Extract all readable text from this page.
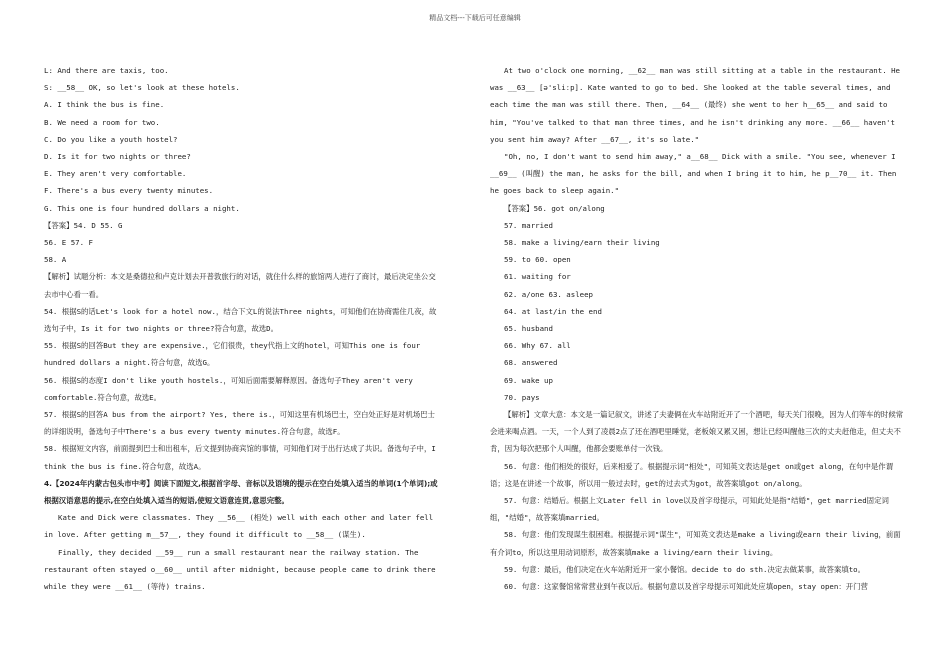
精品文档---下载后可任意编辑

L: And there are taxis, too.

S: __58__ OK, so let's look at these hotels.

A. I think the bus is fine.

B. We need a room for two.

C. Do you like a youth hostel?

D. Is it for two nights or three?

E. They aren't very comfortable.

F. There's a bus every twenty minutes.

G. This one is four hundred dollars a night.

【答案】54. D 55. G

56. E 57. F

58. A

【解析】试题分析：本文是桑德拉和卢克计划去开普敦旅行的对话，就住什么样的旅馆两人进行了商讨，最后决定坐公交去市中心看一看。

54. 根据S的话Let's look for a hotel now.，结合下文L的说法Three nights，可知他们在协商需住几夜，故选句子中，Is it for two nights or three?符合句意，故选D。

55. 根据S的回答But they are expensive.，它们很贵，they代指上文的hotel，可知This one is four hundred dollars a night.符合句意，故选G。

56. 根据S的态度I don't like youth hostels.，可知后面需要解释原因。备选句子They aren't very comfortable.符合句意，故选E。

57. 根据S的回答A bus from the airport? Yes, there is.，可知这里有机场巴士，空白处正好是对机场巴士的详细说明，备选句子中There's a bus every twenty minutes.符合句意，故选F。

58. 根据短文内容，前面提到巴士和出租车，后文提到协商宾馆的事情，可知他们对于出行达成了共识。备选句子中，I think the bus is fine.符合句意，故选A。

4.【2024年内蒙古包头市中考】阅读下面短文,根据首字母、音标以及语境的提示在空白处填入适当的单词(1个单词);或根据汉语意思的提示,在空白处填入适当的短语,使短文语意连贯,意思完整。

Kate and Dick were classmates. They __56__ (相处) well with each other and later fell in love. After getting m__57__, they found it difficult to __58__ (谋生).

Finally, they decided __59__ run a small restaurant near the railway station. The restaurant often stayed o__60__ until after midnight, because people came to drink there while they were __61__ (等待) trains.

At two o'clock one morning, __62__ man was still sitting at a table in the restaurant. He was __63__ [ə'sliːp]. Kate wanted to go to bed. She looked at the table several times, and each time the man was still there. Then, __64__ (最终) she went to her h__65__ and said to him, "You've talked to that man three times, and he isn't drinking any more. __66__ haven't you sent him away? After __67__, it's so late."

"Oh, no, I don't want to send him away," a__68__ Dick with a smile. "You see, whenever I __69__ (叫醒) the man, he asks for the bill, and when I bring it to him, he p__70__ it. Then he goes back to sleep again."

【答案】56. got on/along

57. married

58. make a living/earn their living

59. to 60. open

61. waiting for

62. a/one 63. asleep

64. at last/in the end

65. husband

66. Why 67. all

68. answered

69. wake up

70. pays

【解析】文章大意：本文是一篇记叙文，讲述了夫妻俩在火车站附近开了一个酒吧，每天关门很晚，因为人们等车的时候常会进来喝点酒。一天，一个人到了凌晨2点了还在酒吧里睡觉，老板娘又累又困，想让已经叫醒他三次的丈夫赶他走，但丈夫不肯，因为每次把那个人叫醒，他都会要账单付一次钱。

56. 句意：他们相处的很好，后来相爱了。根据提示词"相处"，可知英文表达是get on或get along，在句中是作谓语；这是在讲述一个故事，所以用一般过去时，get的过去式为got，故答案填got on/along。

57. 句意：结婚后。根据上文Later fell in love以及首字母提示，可知此处是指"结婚"，get married固定词组，"结婚"，故答案填married。

58. 句意：他们发现谋生很困难。根据提示词"谋生"，可知英文表达是make a living或earn their living，前面有介词to，所以这里用动词原形，故答案填make a living/earn their living。

59. 句意：最后，他们决定在火车站附近开一家小餐馆。decide to do sth.决定去做某事，故答案填to。

60. 句意：这家餐馆常常营业到午夜以后。根据句意以及首字母提示可知此处应填open，stay open：开门营
